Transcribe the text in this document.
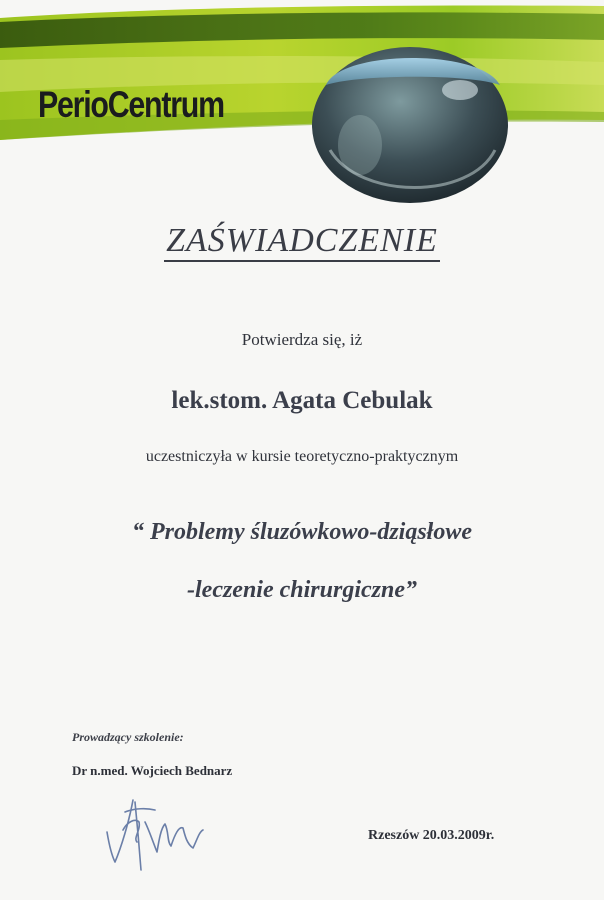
PerioCentrum
ZAŚWIADCZENIE
Potwierdza się, iż
lek.stom. Agata Cebulak
uczestniczyła w kursie teoretyczno-praktycznym
“ Problemy śluzówkowo-dziąsłowe
-leczenie chirurgiczne”
Prowadzący szkolenie:
Dr n.med. Wojciech Bednarz
Rzeszów 20.03.2009r.
